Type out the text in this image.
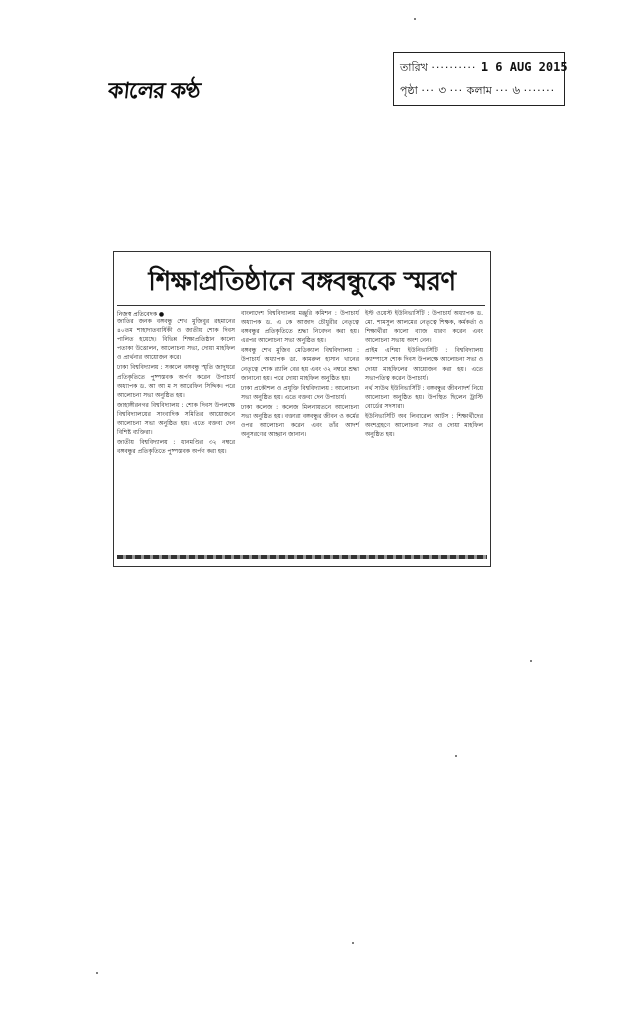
কালের কণ্ঠ
তারিখ ·········· 1 6 AUG 2015
পৃষ্ঠা ··· ৩ ··· কলাম ··· ৬ ·······
শিক্ষাপ্রতিষ্ঠানে বঙ্গবন্ধুকে স্মরণ
নিজস্ব প্রতিবেদক ●

জাতির জনক বঙ্গবন্ধু শেখ মুজিবুর রহমানের ৪০তম শাহাদাতবার্ষিকী ও জাতীয় শোক দিবস পালিত হয়েছে। বিভিন্ন শিক্ষাপ্রতিষ্ঠান কালো পতাকা উত্তোলন, আলোচনা সভা, দোয়া মাহফিল ও প্রার্থনার আয়োজন করে।

ঢাকা বিশ্ববিদ্যালয় : সকালে বঙ্গবন্ধু স্মৃতি জাদুঘরে প্রতিকৃতিতে পুষ্পস্তবক অর্পণ করেন উপাচার্য অধ্যাপক ড. আ আ ম স আরেফিন সিদ্দিক। পরে আলোচনা সভা অনুষ্ঠিত হয়।

জাহাঙ্গীরনগর বিশ্ববিদ্যালয় : শোক দিবস উপলক্ষে বিশ্ববিদ্যালয়ের সাংবাদিক সমিতির আয়োজনে আলোচনা সভা অনুষ্ঠিত হয়। এতে বক্তব্য দেন বিশিষ্ট ব্যক্তিরা।

জাতীয় বিশ্ববিদ্যালয় : ধানমণ্ডির ৩২ নম্বরে বঙ্গবন্ধুর প্রতিকৃতিতে পুষ্পস্তবক অর্পণ করা হয়।

বাংলাদেশ বিশ্ববিদ্যালয় মঞ্জুরি কমিশন : উপাচার্য অধ্যাপক ড. এ কে আজাদ চৌধুরীর নেতৃত্বে বঙ্গবন্ধুর প্রতিকৃতিতে শ্রদ্ধা নিবেদন করা হয়। এরপর আলোচনা সভা অনুষ্ঠিত হয়।

বঙ্গবন্ধু শেখ মুজিব মেডিক্যাল বিশ্ববিদ্যালয় : উপাচার্য অধ্যাপক ডা. কামরুল হাসান খানের নেতৃত্বে শোক র‍্যালি বের হয় এবং ৩২ নম্বরে শ্রদ্ধা জানানো হয়। পরে দোয়া মাহফিল অনুষ্ঠিত হয়।

ঢাকা প্রকৌশল ও প্রযুক্তি বিশ্ববিদ্যালয় : আলোচনা সভা অনুষ্ঠিত হয়। এতে বক্তব্য দেন উপাচার্য।

ঢাকা কলেজ : কলেজ মিলনায়তনে আলোচনা সভা অনুষ্ঠিত হয়। বক্তারা বঙ্গবন্ধুর জীবন ও কর্মের ওপর আলোচনা করেন এবং তাঁর আদর্শ অনুসরণের আহ্বান জানান।

ইস্ট ওয়েস্ট ইউনিভার্সিটি : উপাচার্য অধ্যাপক ড. মো. শামসুল আলমের নেতৃত্বে শিক্ষক, কর্মকর্তা ও শিক্ষার্থীরা কালো ব্যাজ ধারণ করেন এবং আলোচনা সভায় অংশ নেন।

প্রাইম এশিয়া ইউনিভার্সিটি : বিশ্ববিদ্যালয় ক্যাম্পাসে শোক দিবস উপলক্ষে আলোচনা সভা ও দোয়া মাহফিলের আয়োজন করা হয়। এতে সভাপতিত্ব করেন উপাচার্য।

নর্থ সাউথ ইউনিভার্সিটি : বঙ্গবন্ধুর জীবনাদর্শ নিয়ে আলোচনা অনুষ্ঠিত হয়। উপস্থিত ছিলেন ট্রাস্টি বোর্ডের সদস্যরা।

ইউনিভার্সিটি অব লিবারেল আর্টস : শিক্ষার্থীদের অংশগ্রহণে আলোচনা সভা ও দোয়া মাহফিল অনুষ্ঠিত হয়।
